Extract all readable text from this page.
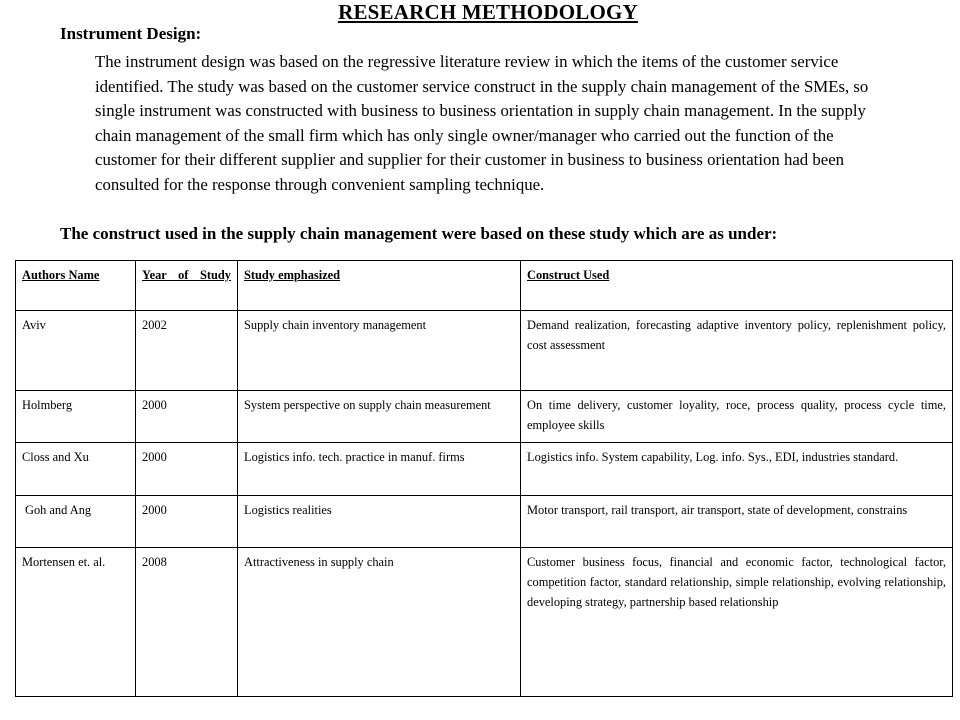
RESEARCH METHODOLOGY
Instrument Design:

The instrument design was based on the regressive literature review in which the items of the customer service identified. The study was based on the customer service construct in the supply chain management of the SMEs, so single instrument was constructed with business to business orientation in supply chain management. In the supply chain management of the small firm which has only single owner/manager who carried out the function of the customer for their different supplier and supplier for their customer in business to business orientation had been consulted for the response through convenient sampling technique.

The construct used in the supply chain management were based on these study which are as under:

Authors Name	Year of Study	Study emphasized	Construct Used
Aviv	2002	Supply chain inventory management	Demand realization, forecasting adaptive inventory policy, replenishment policy, cost assessment
Holmberg	2000	System perspective on supply chain measurement	On time delivery, customer loyality, roce, process quality, process cycle time, employee skills
Closs and Xu	2000	Logistics info. tech. practice in manuf. firms	Logistics info. System capability, Log. info. Sys., EDI, industries standard.
Goh and Ang	2000	Logistics realities	Motor transport, rail transport, air transport, state of development, constrains
Mortensen et. al.	2008	Attractiveness in supply chain	Customer business focus, financial and economic factor, technological factor, competition factor, standard relationship, simple relationship, evolving relationship, developing strategy, partnership based relationship
